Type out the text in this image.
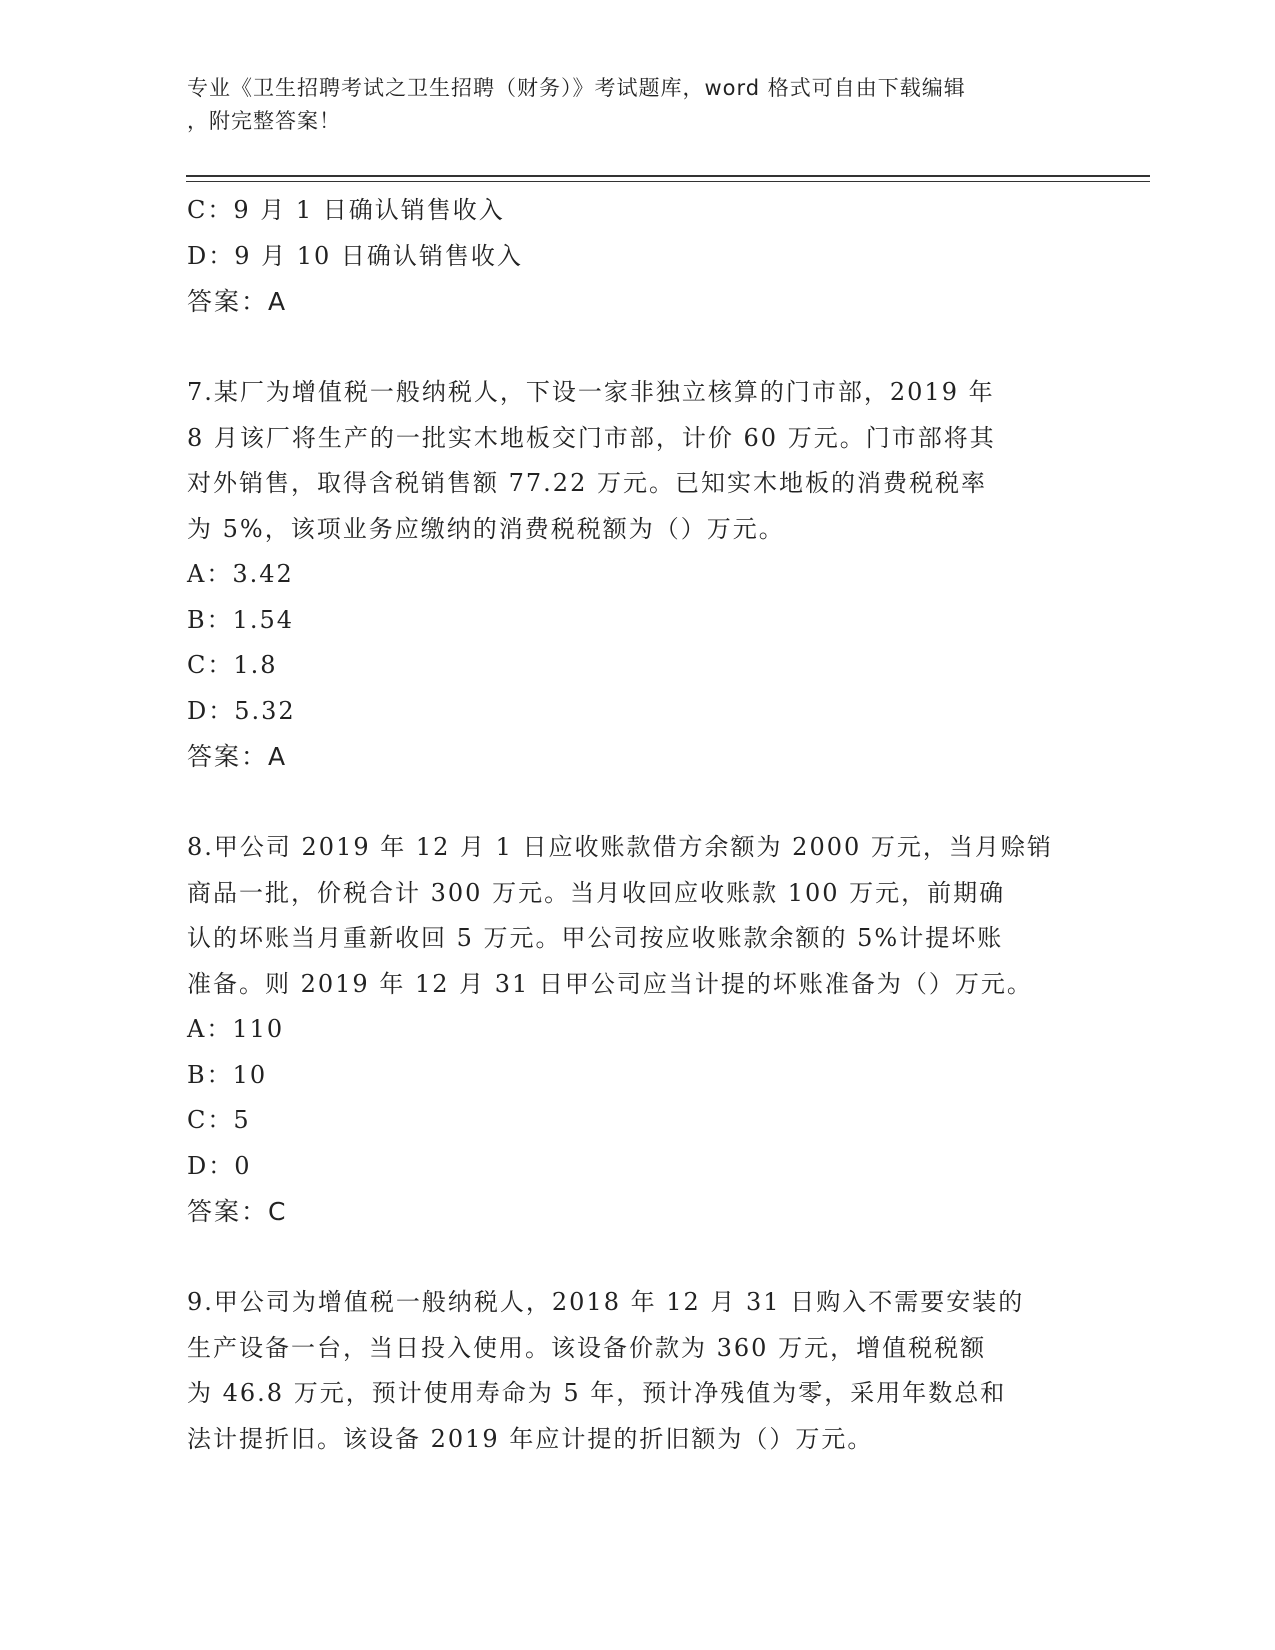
专业《卫生招聘考试之卫生招聘（财务）》考试题库，word 格式可自由下载编辑
，附完整答案！
C：9 月 1 日确认销售收入
D：9 月 10 日确认销售收入
答案：A
7.某厂为增值税一般纳税人，下设一家非独立核算的门市部，2019 年
8 月该厂将生产的一批实木地板交门市部，计价 60 万元。门市部将其
对外销售，取得含税销售额 77.22 万元。已知实木地板的消费税税率
为 5%，该项业务应缴纳的消费税税额为（）万元。
A：3.42
B：1.54
C：1.8
D：5.32
答案：A
8.甲公司 2019 年 12 月 1 日应收账款借方余额为 2000 万元，当月赊销
商品一批，价税合计 300 万元。当月收回应收账款 100 万元，前期确
认的坏账当月重新收回 5 万元。甲公司按应收账款余额的 5%计提坏账
准备。则 2019 年 12 月 31 日甲公司应当计提的坏账准备为（）万元。
A：110
B：10
C：5
D：0
答案：C
9.甲公司为增值税一般纳税人，2018 年 12 月 31 日购入不需要安装的
生产设备一台，当日投入使用。该设备价款为 360 万元，增值税税额
为 46.8 万元，预计使用寿命为 5 年，预计净残值为零，采用年数总和
法计提折旧。该设备 2019 年应计提的折旧额为（）万元。
